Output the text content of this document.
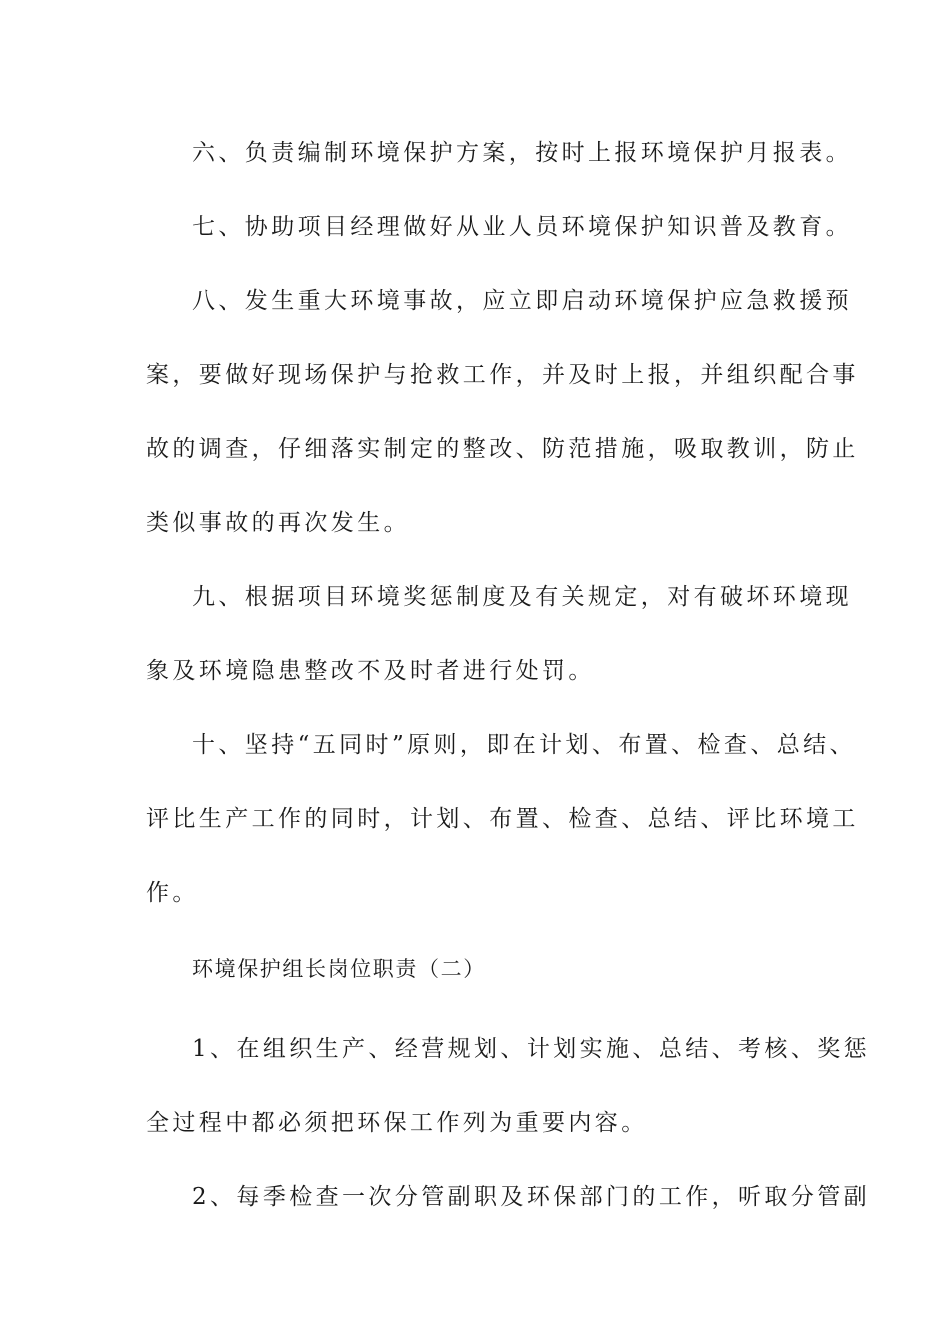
六、负责编制环境保护方案，按时上报环境保护月报表。
七、协助项目经理做好从业人员环境保护知识普及教育。
八、发生重大环境事故，应立即启动环境保护应急救援预
案，要做好现场保护与抢救工作，并及时上报，并组织配合事
故的调查，仔细落实制定的整改、防范措施，吸取教训，防止
类似事故的再次发生。
九、根据项目环境奖惩制度及有关规定，对有破坏环境现
象及环境隐患整改不及时者进行处罚。
十、坚持“五同时”原则，即在计划、布置、检查、总结、
评比生产工作的同时，计划、布置、检查、总结、评比环境工
作。
环境保护组长岗位职责（二）
1、在组织生产、经营规划、计划实施、总结、考核、奖惩
全过程中都必须把环保工作列为重要内容。
2、每季检查一次分管副职及环保部门的工作，听取分管副
